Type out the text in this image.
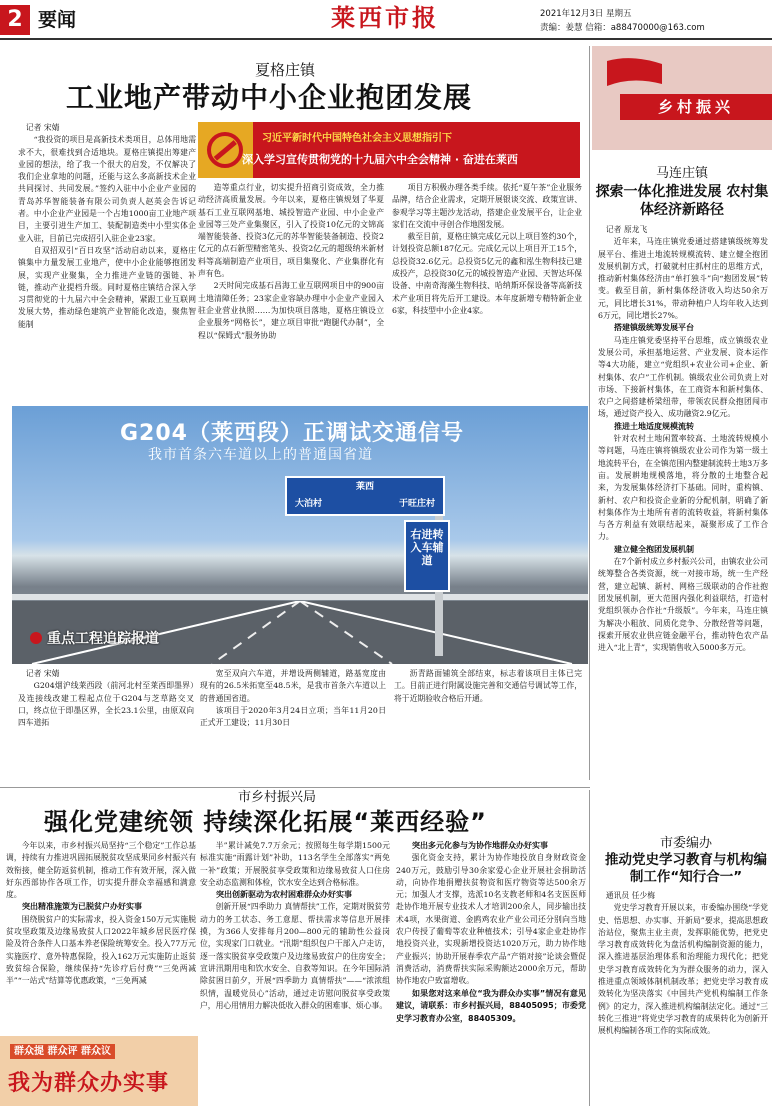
2 要闻	莱西市报	2021年12月3日 星期五
责编：姜慧 信箱：a88470000@163.com
夏格庄镇
工业地产带动中小企业抱团发展
习近平新时代中国特色社会主义思想指引下
深入学习宣传贯彻党的十九届六中全会精神 · 奋进在莱西

记者 宋婧

“我投资的项目是高新技术类项目，总体用地需求不大，很难找到合适地块。夏格庄镇提出筹建产业园的想法，给了我一个很大的启发，不仅解决了我们企业拿地的问题，还能与这么多高新技术企业共同探讨、共同发展。”签约入驻中小企业产业园的青岛苏华智能装备有限公司负责人赵英会告诉记者。中小企业产业园是一个占地1000亩工业地产项目，主要引进生产加工、装配制造类中小型实体企业入驻，目前已完成招引入驻企业23家。

自双招双引“百日攻坚”活动启动以来，夏格庄镇集中力量发展工业地产，使中小企业能够抱团发展，实现产业聚集，全力推进产业链的强链、补链，推动产业提档升级。同时夏格庄镇结合深入学习贯彻党的十九届六中全会精神，紧跟工业互联网发展大势，推动绿色建筑产业智能化改造，聚焦智能制

造等重点行业，切实提升招商引资成效，全力推动经济高质量发展。今年以来，夏格庄镇规划了华夏基石工业互联网基地、城投智造产业园、中小企业产业园等三处产业集聚区，引入了投资10亿元的文锦高端智能装备、投资3亿元的苏华智能装备制造、投资2亿元的点石新型精密笔头、投资2亿元的超级纳米新材料等高端制造产业项目，项目集聚化、产业集群化有声有色。

2天时间完成基石昌海工业互联网项目中的900亩土地清障任务；23家企业容缺办理中小企业产业园入驻企业营业执照……为加快项目落地，夏格庄镇设立企业服务“网格长”，建立项目审批“跑腿代办制”，全程以“保姆式”服务协助

项目方积极办理各类手续。依托“夏午茶”企业服务品牌，结合企业需求，定期开展银谈交流、政策宣讲、参观学习等主题沙龙活动，搭建企业发展平台，让企业家们在交流中寻创合作地图发展。

截至目前，夏格庄镇完成亿元以上项目签约30个，计划投资总额187亿元。完成亿元以上项目开工15个，总投资32.6亿元。总投资5亿元的鑫和泓生物科技已建成投产，总投资30亿元的城投智造产业园、天智达环保设备、中南奇海藻生物科技、哈纳斯环保设备等高新技术产业项目将先后开工建设。本年度新增专精特新企业6家，科技型中小企业4家。

乡村振兴
马连庄镇
探索一体化推进发展 农村集体经济新路径

记者 原龙飞

近年来，马连庄镇党委通过搭建镇级统筹发展平台、推进土地流转规模流转、建立健全抱团发展机制方式，打破就村庄抓村庄的思维方式，推动新村集体经济由“单打独斗”向“抱团发展”转变。截至目前，新村集体经济收入均达50余万元，同比增长31%，带动种植户人均年收入达到6万元，同比增长27%。

搭建镇级统筹发展平台

马连庄镇党委坚持平台思维，成立镇级农业发展公司，承担基地运营、产业发展、资本运作等4大功能，建立“党组织+农业公司+企业、新村集体、农户”工作机制。镇级农业公司负责上对市场、下接新村集体，在工商资本和新村集体、农户之间搭建桥梁纽带，带领农民群众抱团闯市场，通过资产投入、成功融资2.9亿元。

推进土地适度规模流转

针对农村土地闲置率较高、土地流转规模小等问题，马连庄镇将镇级农业公司作为第一级土地流转平台，在全镇范围内整建制流转土地3万多亩。发展耕地规模落地，将分散的土地整合起来，为发展集体经济打下基础。同时，重构镇、新村、农户和投资企业新的分配机制，明确了新村集体作为土地所有者的流转收益，将新村集体与各方利益有效联结起来，凝聚形成了工作合力。

建立健全抱团发展机制

在7个新村成立乡村振兴公司，由镇农业公司统筹整合各类资源，统一对接市场，统一生产经营，建立起镇、新村、网格三级联动的合作社抱团发展机制，更大范围内强化利益联结，打造村党组织领办合作社“升级版”。今年来，马连庄镇为解决小粗放、同质化竞争、分散经营等问题，探索开展农业供应链金融平台，推动特色农产品进入“北上青”，实现销售收入5000多万元。

G204（莱西段）正调试交通信号
我市首条六车道以上的普通国省道
莱西
大泊村	于旺庄村
右进转入车辅道
重点工程追踪报道

记者 宋婧

G204烟沪线莱西段（前河北村至莱西即墨界）及连接线改建工程起点位于G204与芝草路交叉口，终点位于即墨区界，全长23.1公里，由原双向四车道拓

宽至双向六车道，并增设两侧辅道，路基宽度由现有的26.5米拓宽至48.5米，是我市首条六车道以上的普通国省道。

该项目于2020年3月24日立项；当年11月20日正式开工建设；11月30日

沥青路面铺筑全部结束，标志着该项目主体已完工。目前正进行附属设施完善和交通信号调试等工作，将于近期验收合格后开通。

市乡村振兴局
强化党建统领 持续深化拓展“莱西经验”

今年以来，市乡村振兴局坚持“三个稳定”工作总基调，持续有力推进巩固拓展脱贫攻坚成果同乡村振兴有效衔接，健全防返贫机制，推动工作有效开展，深入做好东西部协作各项工作，切实提升群众幸福感和满意度。

突出精准施策为已脱贫户办好实事

围绕脱贫户的实际需求，投入资金150万元实施脱贫攻坚政策及边缘易致贫人口2022年城乡居民医疗保险及符合条件人口基本养老保险统筹安全。投入77万元实施医疗、意外特惠保险，投入162万元实施防止返贫致贫综合保险，继续保持“先诊疗后付费”“三免两减半”“一站式”结算等优惠政策，“三免两减

半”累计减免7.7万余元；按照每生每学期1500元标准实施“雨露计划”补助，113名学生全部落实“两免一补”政策；开展脱贫享受政策和边缘易致贫人口住房安全动态监测和体检，饮水安全达到合格标准。

突出创新驱动为农村困难群众办好实事

创新开展“四季助力 真情帮扶”工作，定期对脱贫劳动力的务工状态、务工意愿、帮扶需求等信息开展排摸，为366人安排每月200—800元的辅助性公益岗位，实现家门口就业。“汛期”组织包户干部入户走访，逐一落实脱贫享受政策户及边缘易致贫户的住房安全；宣讲汛期用电和饮水安全、自救等知识。在今年国际消除贫困日前夕，开展“四季助力 真情帮扶”——“浓浓组织情，温暖党员心”活动，通过走访慰问脱贫享受政策户，用心用情用力解决低收入群众的困难事、烦心事。

突出多元化参与为协作地群众办好实事

强化资金支持，累计为协作地投放自身财政资金240万元，鼓励引导30余家爱心企业开展社会捐助活动，向协作地捐赠扶贫物资和医疗物资等达500余万元；加强人才支撑，选派10名支教老师和4名支医医师赴协作地开展专业技术人才培训200余人，同步输出技术4项，水果街道、金鸥鸡农业产业公司还分别向当地农户传授了葡萄等农业种植技术；引导4家企业赴协作地投资兴业，实现新增投资达1020万元，助力协作地产业振兴；协助开展春季农产品“产销对接”论谈会暨促消费活动，消费帮扶实际采购额达2000余万元，帮助协作地农户致富增收。

如果您对这来单位“我为群众办实事”情况有意见建议，请联系：市乡村振兴局，88405095；市委党史学习教育办公室，88405309。

群众提 群众评 群众议
我为群众办实事
市委编办
推动党史学习教育与机构编制工作“知行合一”

通讯员 任少梅

党史学习教育开展以来，市委编办围绕“学党史、悟思想、办实事、开新局”要求，提高思想政治站位，聚焦主业主责，发挥职能优势，把党史学习教育成效转化为盘活机构编制资源的能力，深入推进基层治理体系和治理能力现代化；把党史学习教育成效转化为为群众服务的动力，深入推进重点领域体制机制改革；把党史学习教育成效转化为坚决落实《中国共产党机构编制工作条例》的定力，深入推进机构编制法定化。通过“三转化三推进”将党史学习教育的成果转化为创新开展机构编制各项工作的实际成效。
